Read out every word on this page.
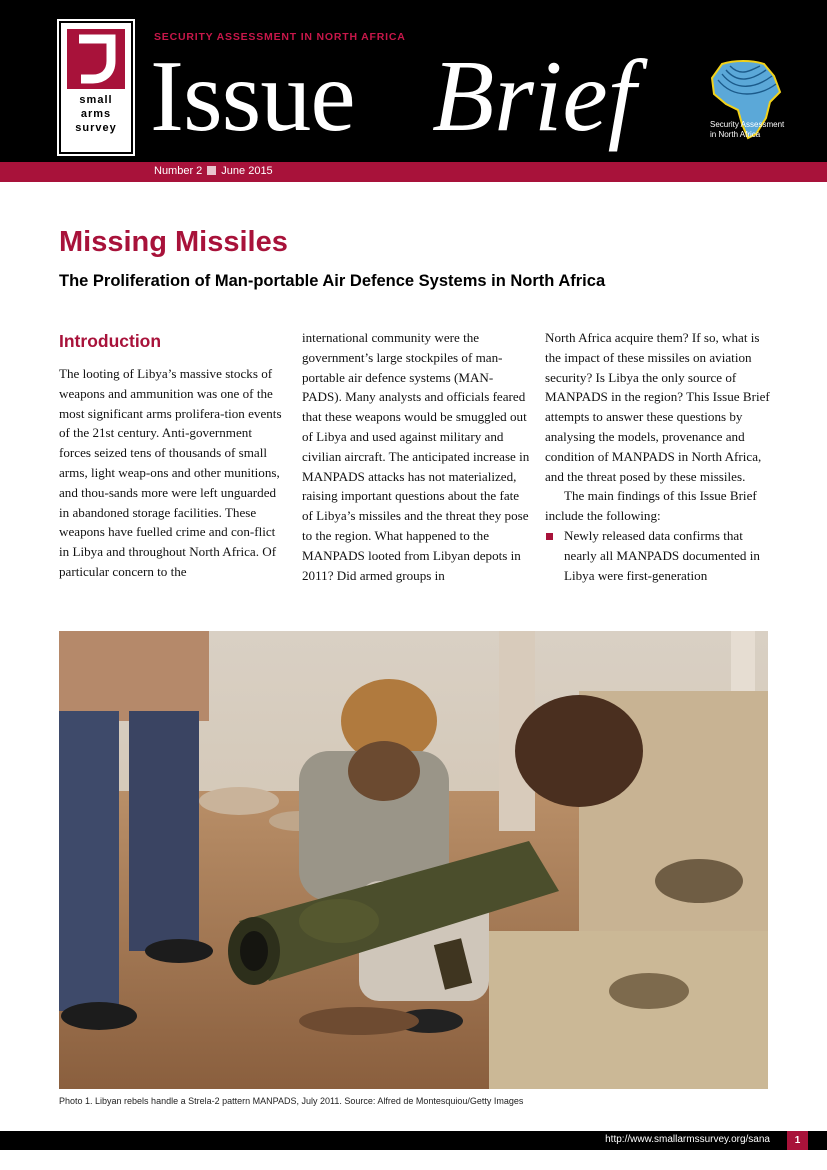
small
arms
survey
SECURITY ASSESSMENT IN NORTH AFRICA
Issue Brief
Number 2 June 2015
Security Assessment
in North Africa
Missing Missiles
The Proliferation of Man-portable Air Defence Systems in North Africa
Introduction

The looting of Libya’s massive stocks of weapons and ammunition was one of the most significant arms prolifera-tion events of the 21st century. Anti-government forces seized tens of thousands of small arms, light weap-ons and other munitions, and thou-sands more were left unguarded in abandoned storage facilities. These weapons have fuelled crime and con-flict in Libya and throughout North Africa. Of particular concern to the

international community were the government’s large stockpiles of man-portable air defence systems (MAN-PADS). Many analysts and officials feared that these weapons would be smuggled out of Libya and used against military and civilian aircraft. The anticipated increase in MANPADS attacks has not materialized, raising important questions about the fate of Libya’s missiles and the threat they pose to the region. What happened to the MANPADS looted from Libyan depots in 2011? Did armed groups in

North Africa acquire them? If so, what is the impact of these missiles on aviation security? Is Libya the only source of MANPADS in the region? This Issue Brief attempts to answer these questions by analysing the models, provenance and condition of MANPADS in North Africa, and the threat posed by these missiles.

The main findings of this Issue Brief include the following:

Newly released data confirms that nearly all MANPADS documented in Libya were first-generation
Photo 1. Libyan rebels handle a Strela-2 pattern MANPADS, July 2011. Source: Alfred de Montesquiou/Getty Images
http://www.smallarmssurvey.org/sana	1
